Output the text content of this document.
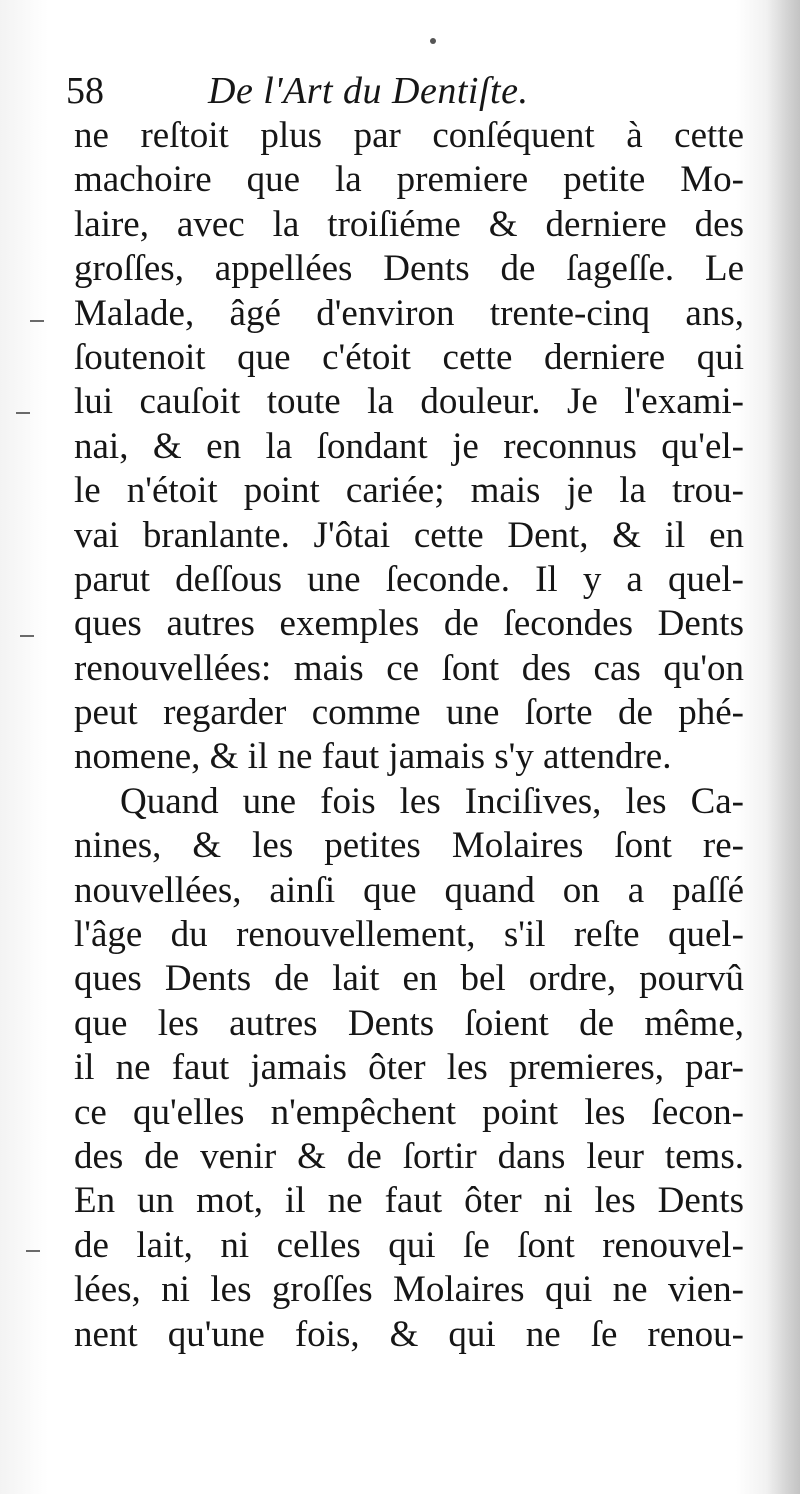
58	De l'Art du Dentiſte.
ne reſtoit plus par conſéquent à cette
machoire que la premiere petite Mo-
laire, avec la troiſiéme & derniere des
groſſes, appellées Dents de ſageſſe. Le
Malade, âgé d'environ trente-cinq ans,
ſoutenoit que c'étoit cette derniere qui
lui cauſoit toute la douleur. Je l'exami-
nai, & en la ſondant je reconnus qu'el-
le n'étoit point cariée; mais je la trou-
vai branlante. J'ôtai cette Dent, & il en
parut deſſous une ſeconde. Il y a quel-
ques autres exemples de ſecondes Dents
renouvellées: mais ce ſont des cas qu'on
peut regarder comme une ſorte de phé-
nomene, & il ne faut jamais s'y attendre.
Quand une fois les Inciſives, les Ca-
nines, & les petites Molaires ſont re-
nouvellées, ainſi que quand on a paſſé
l'âge du renouvellement, s'il reſte quel-
ques Dents de lait en bel ordre, pourvû
que les autres Dents ſoient de même,
il ne faut jamais ôter les premieres, par-
ce qu'elles n'empêchent point les ſecon-
des de venir & de ſortir dans leur tems.
En un mot, il ne faut ôter ni les Dents
de lait, ni celles qui ſe ſont renouvel-
lées, ni les groſſes Molaires qui ne vien-
nent qu'une fois, & qui ne ſe renou-
